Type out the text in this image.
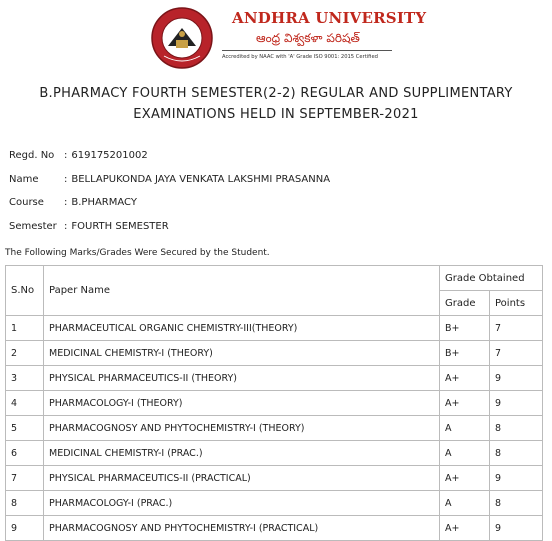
ANDHRA UNIVERSITY
ఆంధ్ర విశ్వకళా పరిషత్
Accredited by NAAC with 'A' Grade ISO 9001: 2015 Certified
B.PHARMACY FOURTH SEMESTER(2-2) REGULAR AND SUPPLIMENTARY
EXAMINATIONS HELD IN SEPTEMBER-2021
Regd. No : 619175201002
Name	: BELLAPUKONDA JAYA VENKATA LAKSHMI PRASANNA
Course : B.PHARMACY
Semester : FOURTH SEMESTER
The Following Marks/Grades Were Secured by the Student.
S.No	Paper Name	Grade Obtained	
		Grade	Points
1	PHARMACEUTICAL ORGANIC CHEMISTRY-III(THEORY)	B+	7
2	MEDICINAL CHEMISTRY-I (THEORY)	B+	7
3	PHYSICAL PHARMACEUTICS-II (THEORY)	A+	9
4	PHARMACOLOGY-I (THEORY)	A+	9
5	PHARMACOGNOSY AND PHYTOCHEMISTRY-I (THEORY)	A	8
6	MEDICINAL CHEMISTRY-I (PRAC.)	A	8
7	PHYSICAL PHARMACEUTICS-II (PRACTICAL)	A+	9
8	PHARMACOLOGY-I (PRAC.)	A	8
9	PHARMACOGNOSY AND PHYTOCHEMISTRY-I (PRACTICAL)	A+	9
